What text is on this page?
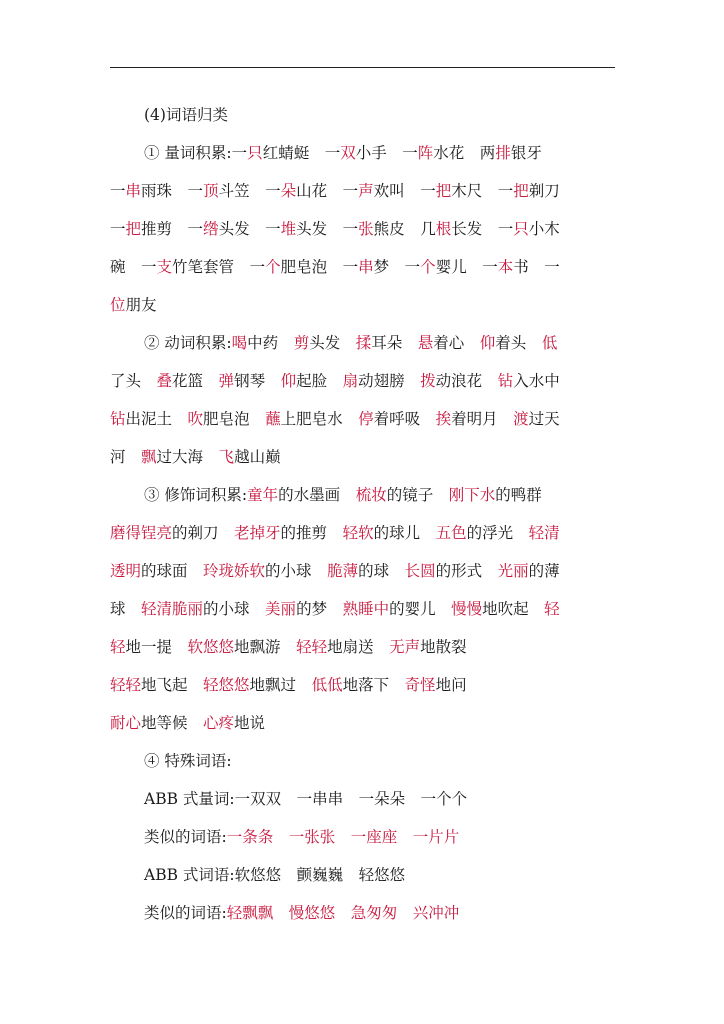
(4)词语归类
① 量词积累:一只红蜻蜓　一双小手　一阵水花　两排银牙
一串雨珠　一顶斗笠　一朵山花　一声欢叫　一把木尺　一把剃刀
一把推剪　一绺头发　一堆头发　一张熊皮　几根长发　一只小木
碗　一支竹笔套管　一个肥皂泡　一串梦　一个婴儿　一本书　一
位朋友
② 动词积累:喝中药　剪头发　揉耳朵　悬着心　仰着头　低
了头　叠花篮　弹钢琴　仰起脸　扇动翅膀　拨动浪花　钻入水中
钻出泥土　吹肥皂泡　蘸上肥皂水　停着呼吸　挨着明月　渡过天
河　飘过大海　飞越山巅
③ 修饰词积累:童年的水墨画　梳妆的镜子　刚下水的鸭群
磨得锃亮的剃刀　老掉牙的推剪　轻软的球儿　五色的浮光　轻清
透明的球面　玲珑娇软的小球　脆薄的球　长圆的形式　光丽的薄
球　轻清脆丽的小球　美丽的梦　熟睡中的婴儿　慢慢地吹起　轻
轻地一提　软悠悠地飘游　轻轻地扇送　无声地散裂
轻轻地飞起　轻悠悠地飘过　低低地落下　奇怪地问
耐心地等候　心疼地说
④ 特殊词语:
ABB 式量词:一双双　一串串　一朵朵　一个个
类似的词语:一条条　一张张　一座座　一片片
ABB 式词语:软悠悠　颤巍巍　轻悠悠
类似的词语:轻飘飘　慢悠悠　急匆匆　兴冲冲
